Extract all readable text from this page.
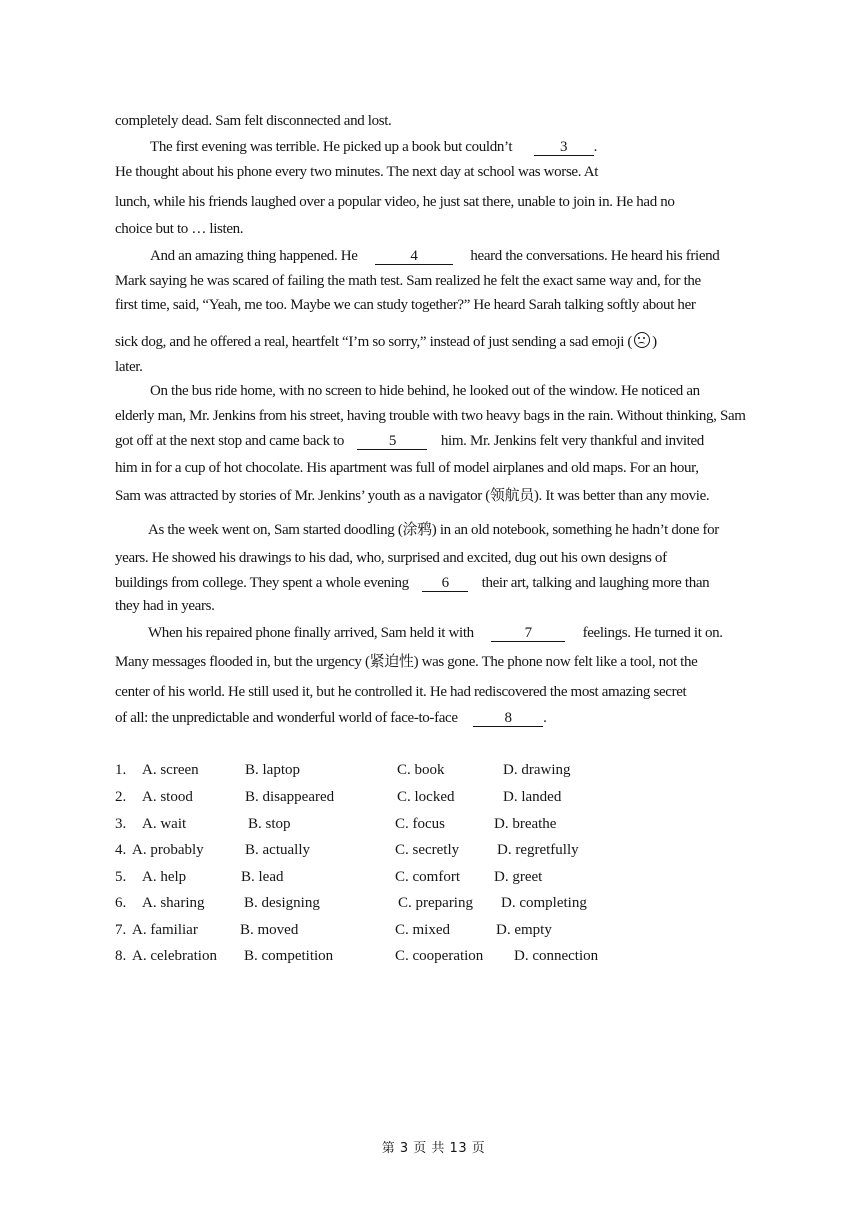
completely dead. Sam felt disconnected and lost.
The first evening was terrible. He picked up a book but couldn’t	3 .
He thought about his phone every two minutes. The next day at school was worse. At
lunch, while his friends laughed over a popular video, he just sat there, unable to join in. He had no
choice but to … listen.
And an amazing thing happened. He	4	heard the conversations. He heard his friend
Mark saying he was scared of failing the math test. Sam realized he felt the exact same way and, for the
first time, said, “Yeah, me too. Maybe we can study together?” He heard Sarah talking softly about her
sick dog, and he offered a real, heartfelt “I’m so sorry,” instead of just sending a sad emoji ( )
later.
On the bus ride home, with no screen to hide behind, he looked out of the window. He noticed an
elderly man, Mr. Jenkins from his street, having trouble with two heavy bags in the rain. Without thinking, Sam
got off at the next stop and came back to	5	him. Mr. Jenkins felt very thankful and invited
him in for a cup of hot chocolate. His apartment was full of model airplanes and old maps. For an hour,
Sam was attracted by stories of Mr. Jenkins’ youth as a navigator (领航员). It was better than any movie.
As the week went on, Sam started doodling (涂鸦) in an old notebook, something he hadn’t done for
years. He showed his drawings to his dad, who, surprised and excited, dug out his own designs of
buildings from college. They spent a whole evening 6 their art, talking and laughing more than
they had in years.
When his repaired phone finally arrived, Sam held it with	7	feelings. He turned it on.
Many messages flooded in, but the urgency (紧迫性) was gone. The phone now felt like a tool, not the
center of his world. He still used it, but he controlled it. He had rediscovered the most amazing secret
of all: the unpredictable and wonderful world of face-to-face	8 .
1. A. screen	B. laptop	C. book	D. drawing
2. A. stood	B. disappeared	C. locked	D. landed
3. A. wait	B. stop	C. focus	D. breathe
4. A. probably	B. actually	C. secretly	D. regretfully
5. A. help	B. lead	C. comfort D. greet
6. A. sharing	B. designing	C. preparing D. completing
7. A. familiar	B. moved	C. mixed	D. empty
8. A. celebration B. competition	C. cooperation D. connection
第 3 页 共 13 页
